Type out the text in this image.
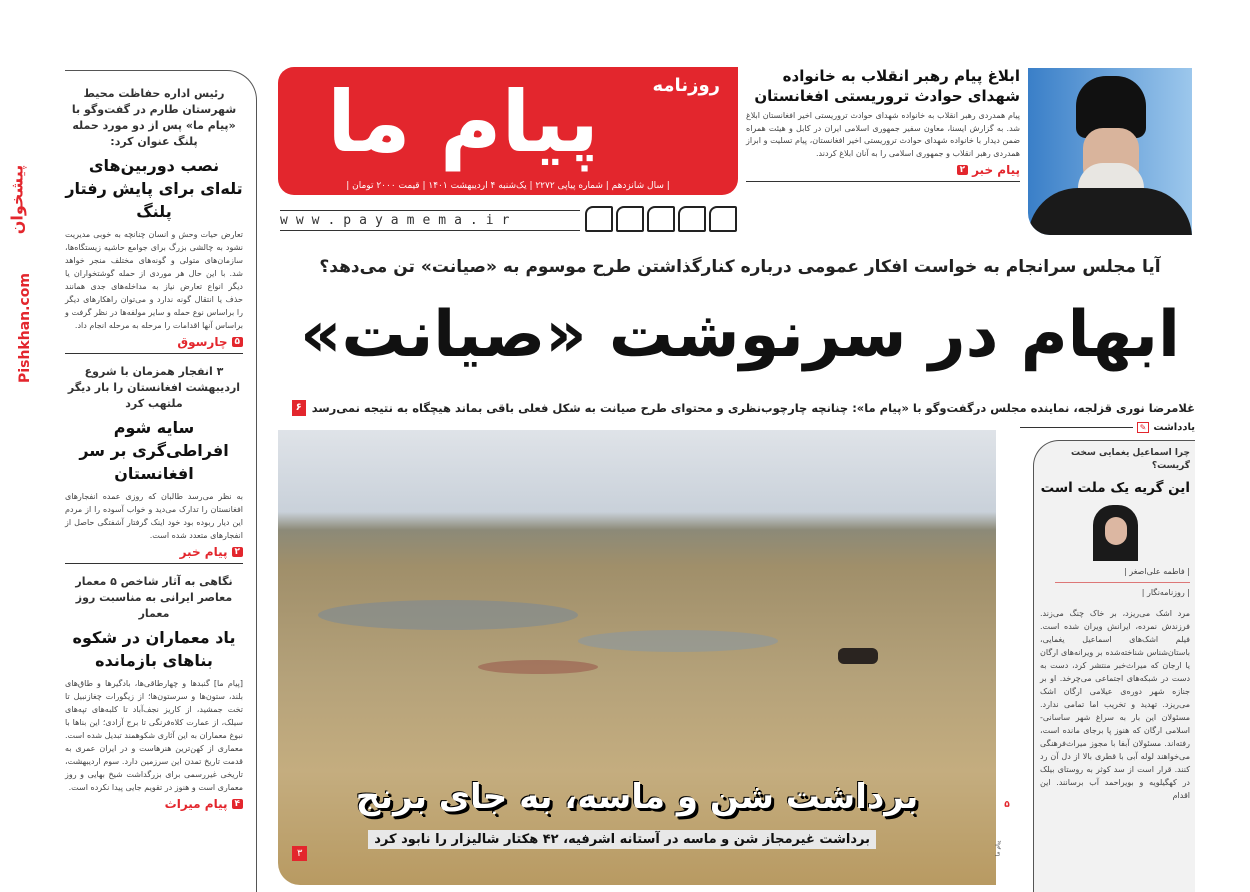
رئیس اداره حفاظت محیط شهرستان طارم در گفت‌وگو با «پیام ما» پس از دو مورد حمله پلنگ عنوان کرد:
نصب دوربین‌های تله‌ای برای پایش رفتار پلنگ
تعارض حیات وحش و انسان چنانچه به خوبی مدیریت نشود به چالشی بزرگ برای جوامع حاشیه زیستگاه‌ها، سازمان‌های متولی و گونه‌های مختلف منجر خواهد شد. با این حال هر موردی از حمله گوشتخواران یا دیگر انواع تعارض نیاز به مداخله‌های جدی همانند حذف یا انتقال گونه ندارد و می‌توان راهکارهای دیگر را براساس نوع حمله و سایر مولفه‌ها در نظر گرفت و براساس آنها اقدامات را مرحله به مرحله انجام داد.
۵
چارسوق
۳ انفجار همزمان با شروع اردیبهشت افغانستان را بار دیگر ملتهب کرد
سایه شوم افراطی‌گری بر سر افغانستان
به نظر می‌رسد طالبان که روزی عمده انفجارهای افغانستان را تدارک می‌دید و خواب آسوده را از مردم این دیار ربوده بود خود اینک گرفتار آشفتگی حاصل از انفجارهای متعدد شده است.
۲
پیام خبر
نگاهی به آثار شاخص ۵ معمار معاصر ایرانی به مناسبت روز معمار
یاد معماران در شکوه بناهای بازمانده
[پیام ما] گنبدها و چهارطاقی‌ها، بادگیرها و طاق‌های بلند، ستون‌ها و سرستون‌ها؛ از زیگورات چغازنبیل تا تخت جمشید، از کاریز نجف‌آباد تا کلبه‌های تپه‌های سیلک، از عمارت کلاه‌فرنگی تا برج آزادی؛ این بناها با نبوغ معماران به این آثاری شکوهمند تبدیل شده است. معماری از کهن‌ترین هنرهاست و در ایران عمری به قدمت تاریخ تمدن این سرزمین دارد. سوم اردیبهشت، تاریخی غیررسمی برای بزرگداشت شیخ بهایی و روز معماری است و هنوز در تقویم جایی پیدا نکرده است.
۴
پیام میراث
پیشخوان
Pishkhan.com
پیام ما	روزنامه
| سال شانزدهم | شماره پیاپی ۲۲۷۲ | یک‌شنبه ۴ اردیبهشت ۱۴۰۱ | قیمت ۲۰۰۰ تومان |
www.payamema.ir
ابلاغ پیام رهبر انقلاب به خانواده شهدای حوادث تروریستی افغانستان
پیام همدردی رهبر انقلاب به خانواده شهدای حوادث تروریستی اخیر افغانستان ابلاغ شد. به گزارش ایسنا، معاون سفیر جمهوری اسلامی ایران در کابل و هیئت همراه ضمن دیدار با خانواده شهدای حوادث تروریستی اخیر افغانستان، پیام تسلیت و ابراز همدردی رهبر انقلاب و جمهوری اسلامی را به آنان ابلاغ کردند.
پیام خبر
۲
آیا مجلس سرانجام به خواست افکار عمومی درباره کنارگذاشتن طرح موسوم به «صیانت» تن می‌دهد؟
ابهام در سرنوشت «صیانت»
غلامرضا نوری قزلجه، نماینده مجلس درگفت‌وگو با «پیام ما»: چنانچه چارچوب‌نظری و محتوای طرح صیانت به شکل فعلی باقی بماند هیچگاه به نتیجه نمی‌رسد
۶
برداشت شن و ماسه، به جای برنج
برداشت غیرمجاز شن و ماسه در آستانه اشرفیه، ۴۲ هکتار شالیزار را نابود کرد
۳
۵
پیام ما
یادداشت
✎
چرا اسماعیل یغمایی سخت گریست؟
این گریه یک ملت است
| فاطمه علی‌اصغر |
| روزنامه‌نگار |
مرد اشک می‌ریزد، بر خاک چنگ می‌زند. فرزندش نمرده، ایرانش ویران شده است. فیلم اشک‌های اسماعیل یغمایی، باستان‌شناس شناخته‌شده بر ویرانه‌های ارگان یا ارجان که میراث‌خبر منتشر کرد، دست به دست در شبکه‌های اجتماعی می‌چرخد. او بر جنازه شهر دوره‌ی عیلامی ارگان اشک می‌ریزد. تهدید و تخریب اما تمامی ندارد. مسئولان این بار به سراغ شهر ساسانی- اسلامی ارگان که هنوز پا برجای مانده است، رفته‌اند. مسئولان آبفا با مجوز میراث‌فرهنگی می‌خواهند لوله آبی با قطری بالا از دل آن رد کنند. قرار است از سد کوثر به روستای بیلک در کهگیلویه و بویراحمد آب برسانند. این اقدام
